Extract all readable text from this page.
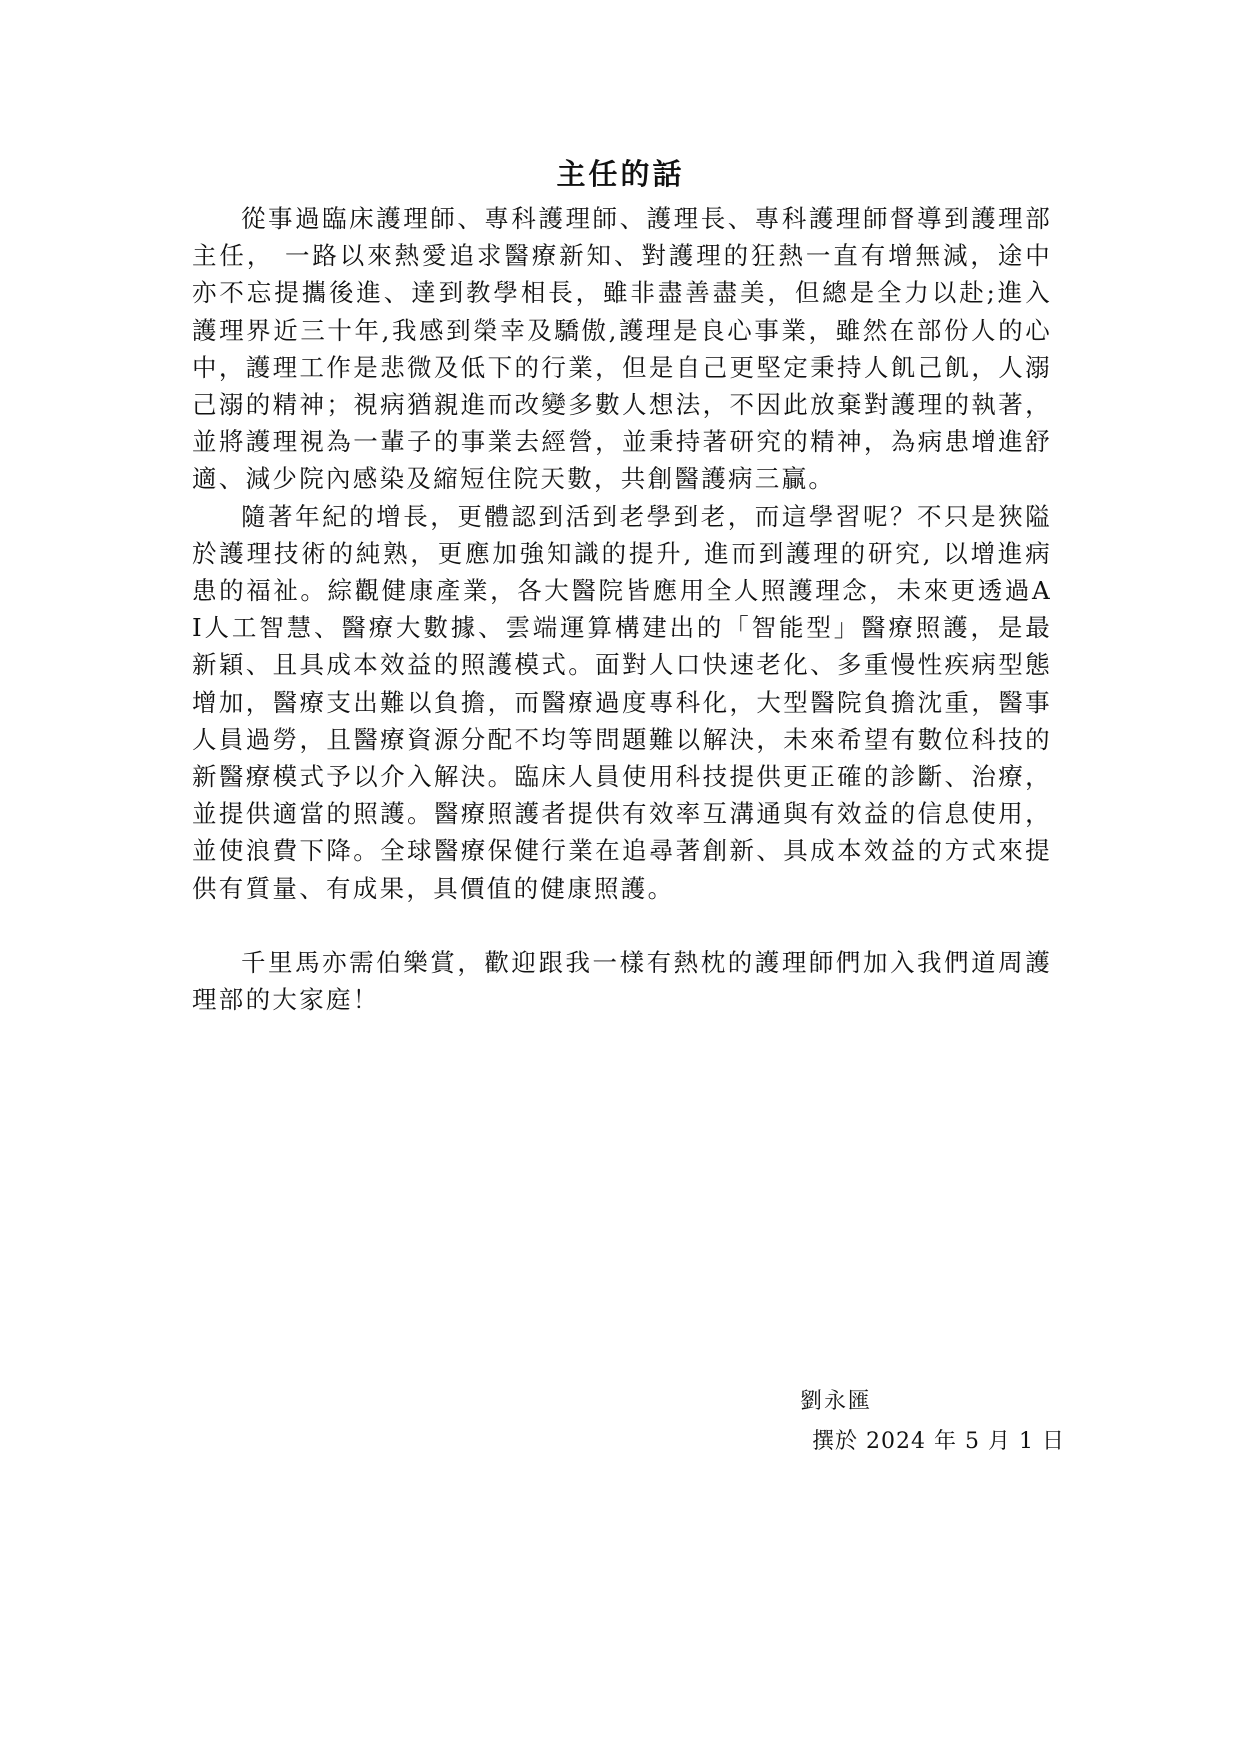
主任的話

從事過臨床護理師、專科護理師、護理長、專科護理師督導到護理部主任， 一路以來熱愛追求醫療新知、對護理的狂熱一直有增無減，途中亦不忘提攜後進、達到教學相長，雖非盡善盡美，但總是全力以赴;進入護理界近三十年,我感到榮幸及驕傲,護理是良心事業，雖然在部份人的心中，護理工作是悲微及低下的行業，但是自己更堅定秉持人飢己飢，人溺己溺的精神；視病猶親進而改變多數人想法，不因此放棄對護理的執著，並將護理視為一輩子的事業去經營，並秉持著研究的精神，為病患增進舒適、減少院內感染及縮短住院天數，共創醫護病三贏。

隨著年紀的增長，更體認到活到老學到老，而這學習呢？不只是狹隘於護理技術的純熟，更應加強知識的提升, 進而到護理的研究, 以增進病患的福祉。綜觀健康產業，各大醫院皆應用全人照護理念，未來更透過AI人工智慧、醫療大數據、雲端運算構建出的「智能型」醫療照護，是最新穎、且具成本效益的照護模式。面對人口快速老化、多重慢性疾病型態增加，醫療支出難以負擔，而醫療過度專科化，大型醫院負擔沈重，醫事人員過勞，且醫療資源分配不均等問題難以解決，未來希望有數位科技的新醫療模式予以介入解決。臨床人員使用科技提供更正確的診斷、治療，並提供適當的照護。醫療照護者提供有效率互溝通與有效益的信息使用，並使浪費下降。全球醫療保健行業在追尋著創新、具成本效益的方式來提供有質量、有成果，具價值的健康照護。

千里馬亦需伯樂賞，歡迎跟我一樣有熱枕的護理師們加入我們道周護理部的大家庭！

劉永匯
撰於 2024 年 5 月 1 日
